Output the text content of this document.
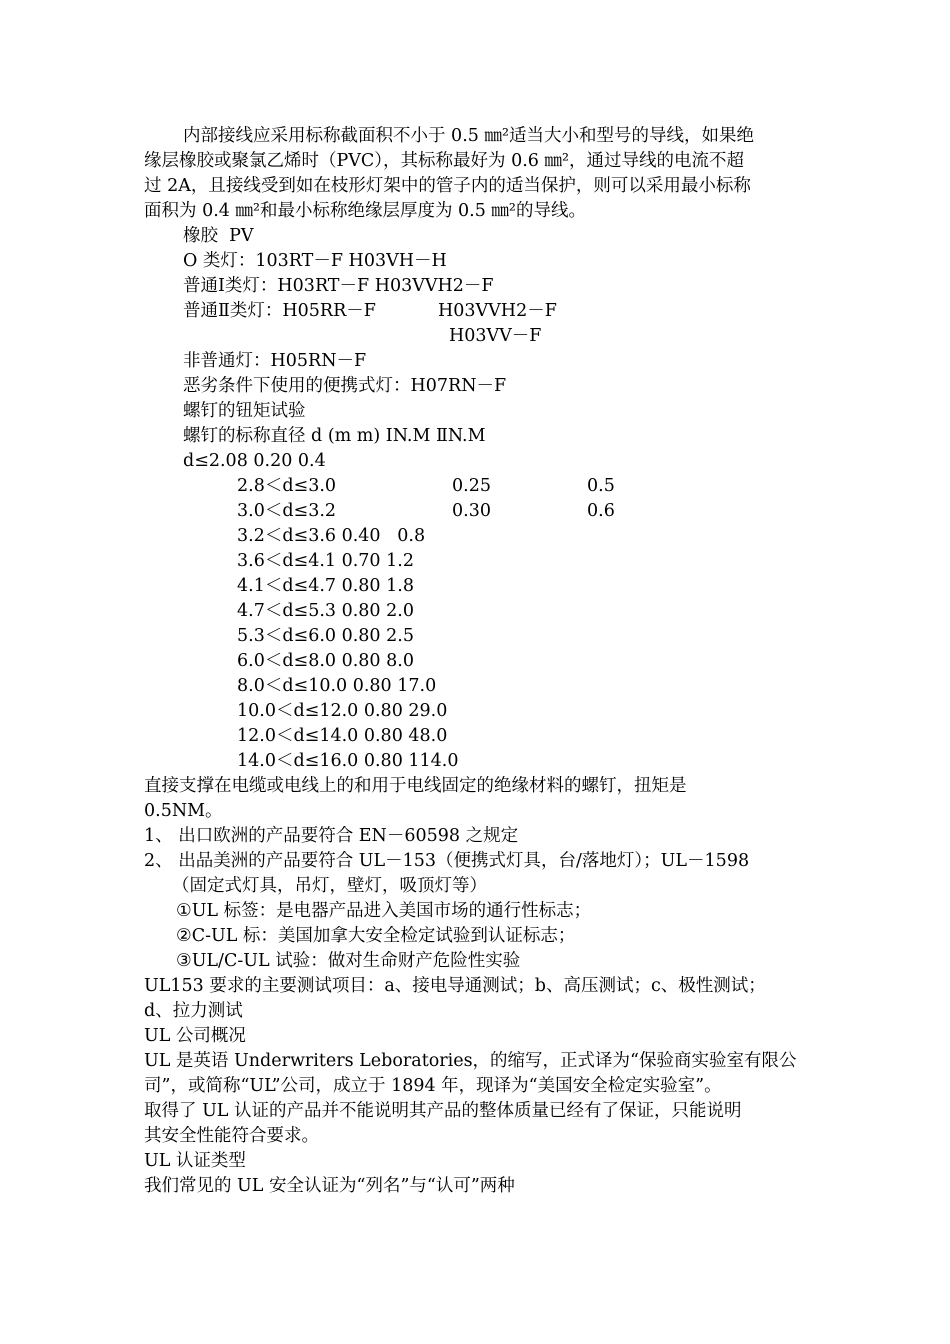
内部接线应采用标称截面积不小于 0.5 ㎜²适当大小和型号的导线，如果绝
缘层橡胶或聚氯乙烯时（PVC），其标称最好为 0.6 ㎜²，通过导线的电流不超
过 2A，且接线受到如在枝形灯架中的管子内的适当保护，则可以采用最小标称
面积为 0.4 ㎜²和最小标称绝缘层厚度为 0.5 ㎜²的导线。
橡胶  PV
O 类灯：103RT－F H03VH－H
普通Ⅰ类灯：H03RT－F H03VVH2－F
普通Ⅱ类灯：H05RR－F	H03VVH2－F
H03VV－F
非普通灯：H05RN－F
恶劣条件下使用的便携式灯：H07RN－F
螺钉的钮矩试验
螺钉的标称直径 d (m m) ⅠN.M ⅡN.M
d≤2.08 0.20 0.4
2.8＜d≤3.0	0.25	0.5
3.0＜d≤3.2	0.30	0.6
3.2＜d≤3.6 0.40   0.8
3.6＜d≤4.1 0.70 1.2
4.1＜d≤4.7 0.80 1.8
4.7＜d≤5.3 0.80 2.0
5.3＜d≤6.0 0.80 2.5
6.0＜d≤8.0 0.80 8.0
8.0＜d≤10.0 0.80 17.0
10.0＜d≤12.0 0.80 29.0
12.0＜d≤14.0 0.80 48.0
14.0＜d≤16.0 0.80 114.0
直接支撑在电缆或电线上的和用于电线固定的绝缘材料的螺钉，扭矩是
0.5NM。
1、 出口欧洲的产品要符合 EN－60598 之规定
2、 出品美洲的产品要符合 UL－153（便携式灯具，台/落地灯）；UL－1598
（固定式灯具，吊灯，壁灯，吸顶灯等）
①UL 标签：是电器产品进入美国市场的通行性标志；
②C-UL 标：美国加拿大安全检定试验到认证标志；
③UL/C-UL 试验：做对生命财产危险性实验
UL153 要求的主要测试项目：a、接电导通测试；b、高压测试；c、极性测试；
d、拉力测试
UL 公司概况
UL 是英语 Underwriters Leboratories，的缩写，正式译为“保验商实验室有限公
司”，或简称“UL”公司，成立于 1894 年，现译为“美国安全检定实验室”。
取得了 UL 认证的产品并不能说明其产品的整体质量已经有了保证，只能说明
其安全性能符合要求。
UL 认证类型
我们常见的 UL 安全认证为“列名”与“认可”两种
